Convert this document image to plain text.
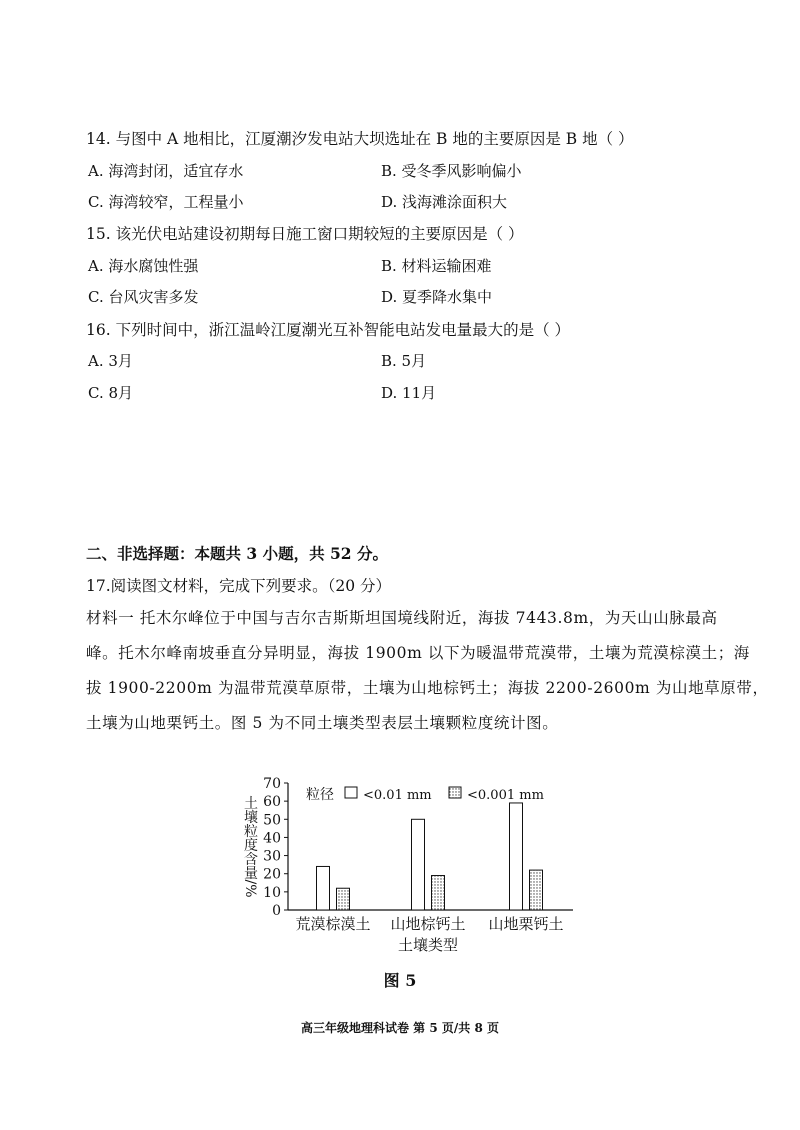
14. 与图中 A 地相比，江厦潮汐发电站大坝选址在 B 地的主要原因是 B 地（ ）
A. 海湾封闭，适宜存水	B. 受冬季风影响偏小
C. 海湾较窄，工程量小	D. 浅海滩涂面积大
15. 该光伏电站建设初期每日施工窗口期较短的主要原因是（ ）
A. 海水腐蚀性强	B. 材料运输困难
C. 台风灾害多发	D. 夏季降水集中
16. 下列时间中，浙江温岭江厦潮光互补智能电站发电量最大的是（ ）
A. 3月	B. 5月
C. 8月	D. 11月
二、非选择题：本题共 3 小题，共 52 分。
17.阅读图文材料，完成下列要求。（20 分）
材料一 托木尔峰位于中国与吉尔吉斯斯坦国境线附近，海拔 7443.8m，为天山山脉最高
峰。托木尔峰南坡垂直分异明显，海拔 1900m 以下为暖温带荒漠带，土壤为荒漠棕漠土；海
拔 1900-2200m 为温带荒漠草原带，土壤为山地棕钙土；海拔 2200-2600m 为山地草原带，
土壤为山地栗钙土。图 5 为不同土壤类型表层土壤颗粒度统计图。
0
10
20
30
40
50
60
70
土壤粒度含量/%
荒漠棕漠土 山地棕钙土 山地栗钙土
土壤类型
粒径 <0.01 mm	<0.001 mm
图 5
高三年级地理科试卷 第 5 页/共 8 页
